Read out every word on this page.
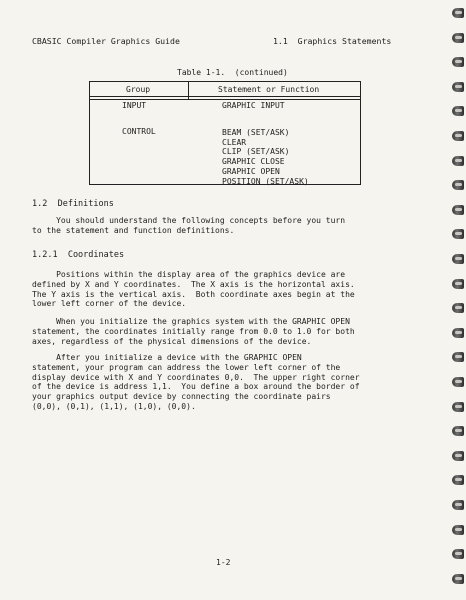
CBASIC Compiler Graphics Guide	1.1  Graphics Statements
Table 1-1.  (continued)
Group	Statement or Function
INPUT	GRAPHIC INPUT
CONTROL	BEAM (SET/ASK)
CLEAR
CLIP (SET/ASK)
GRAPHIC CLOSE
GRAPHIC OPEN
POSITION (SET/ASK)
1.2  Definitions
You should understand the following concepts before you turn
to the statement and function definitions.
1.2.1  Coordinates
Positions within the display area of the graphics device are
defined by X and Y coordinates.  The X axis is the horizontal axis.
The Y axis is the vertical axis.  Both coordinate axes begin at the
lower left corner of the device.
When you initialize the graphics system with the GRAPHIC OPEN
statement, the coordinates initially range from 0.0 to 1.0 for both
axes, regardless of the physical dimensions of the device.
After you initialize a device with the GRAPHIC OPEN
statement, your program can address the lower left corner of the
display device with X and Y coordinates 0,0.  The upper right corner
of the device is address 1,1.  You define a box around the border of
your graphics output device by connecting the coordinate pairs
(0,0), (0,1), (1,1), (1,0), (0,0).
1-2
